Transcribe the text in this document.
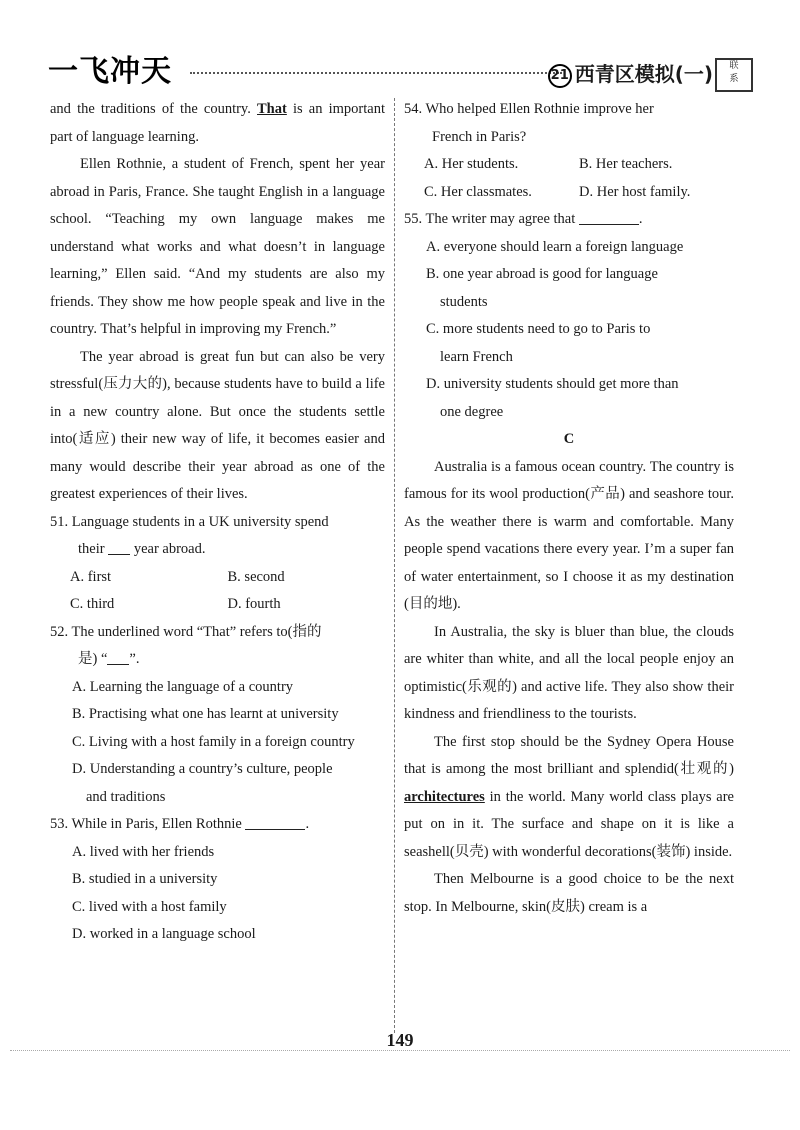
一飞冲天	21 西青区模拟(一)	联
系

and the traditions of the country. That is an important part of language learning.

Ellen Rothnie, a student of French, spent her year abroad in Paris, France. She taught English in a language school. “Teaching my own language makes me understand what works and what doesn’t in language learning,” Ellen said. “And my students are also my friends. They show me how people speak and live in the country. That’s helpful in improving my French.”

The year abroad is great fun but can also be very stressful(压力大的), because students have to build a life in a new country alone. But once the students settle into(适应) their new way of life, it becomes easier and many would describe their year abroad as one of the greatest experiences of their lives.

51. Language students in a UK university spend
their year abroad.
A. first	B. second
C. third	D. fourth
52. The underlined word “That” refers to(指的
是) “ ”.
A. Learning the language of a country
B. Practising what one has learnt at university
C. Living with a host family in a foreign country
D. Understanding a country’s culture, people
and traditions
53. While in Paris, Ellen Rothnie	.
A. lived with her friends
B. studied in a university
C. lived with a host family
D. worked in a language school
54. Who helped Ellen Rothnie improve her
French in Paris?
A. Her students.	B. Her teachers.
C. Her classmates.	D. Her host family.
55. The writer may agree that	.
A. everyone should learn a foreign language
B. one year abroad is good for language
students
C. more students need to go to Paris to
learn French
D. university students should get more than
one degree
C

Australia is a famous ocean country. The country is famous for its wool production(产品) and seashore tour. As the weather there is warm and comfortable. Many people spend vacations there every year. I’m a super fan of water entertainment, so I choose it as my destination (目的地).

In Australia, the sky is bluer than blue, the clouds are whiter than white, and all the local people enjoy an optimistic(乐观的) and active life. They also show their kindness and friendliness to the tourists.

The first stop should be the Sydney Opera House that is among the most brilliant and splendid(壮观的) architectures in the world. Many world class plays are put on in it. The surface and shape on it is like a seashell(贝壳) with wonderful decorations(装饰) inside.

Then Melbourne is a good choice to be the next stop. In Melbourne, skin(皮肤) cream is a

149
